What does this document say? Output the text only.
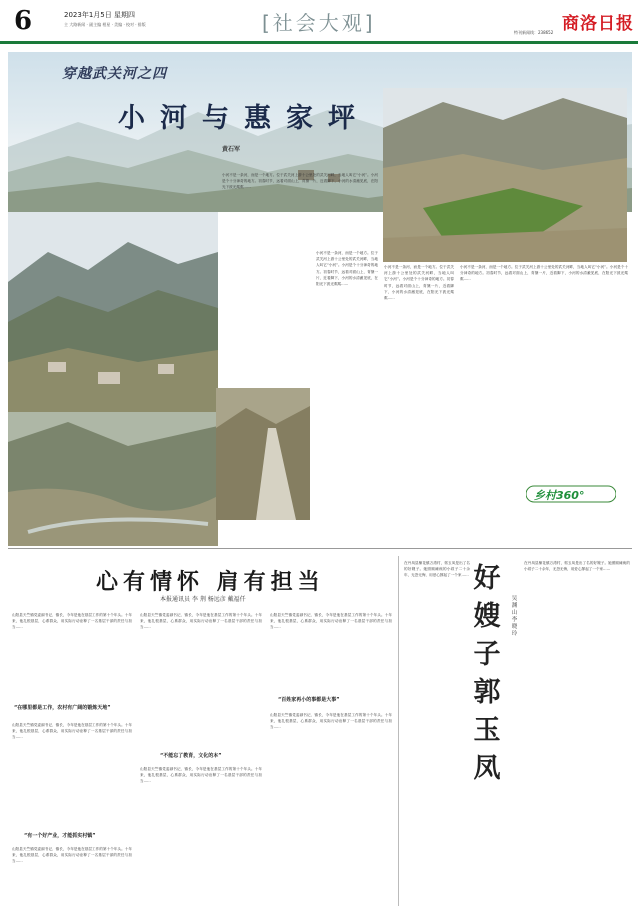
6	2023年1月5日 星期四
主 大路新闻 · 副主编 相星 · 美编 · 校对 · 排版	[社会大观]	商洛日报
特刊新闻线：238652
穿越武关河之四
小河与惠家坪
黄石军
小河不是一条河，而是一个地方。位于武关河上游十公里处的武关河畔，当地人叫它“小河”。小河是个十分神奇的地方。初春时节，远看对面山上，青黛一片，近看脚下，小河的水清澈见底，在阳光下波光粼粼……
小河不是一条河，而是一个地方。位于武关河上游十公里处的武关河畔，当地人叫它“小河”。小河是个十分神奇的地方。初春时节，远看对面山上，青黛一片，近看脚下，小河的水清澈见底，在阳光下波光粼粼……
小河不是一条河，而是一个地方。位于武关河上游十公里处的武关河畔，当地人叫它“小河”。小河是个十分神奇的地方。初春时节，远看对面山上，青黛一片，近看脚下，小河的水清澈见底，在阳光下波光粼粼……
小河不是一条河，而是一个地方。位于武关河上游十公里处的武关河畔，当地人叫它“小河”。小河是个十分神奇的地方。初春时节，远看对面山上，青黛一片，近看脚下，小河的水清澈见底，在阳光下波光粼粼……
乡村360°
心有情怀 肩有担当
本报通讯员 李 荆 杨远彦 戴福仟
山阳县天竺镇党委副书记、镇长，今年是他在基层工作的第十个年头。十年来，他扎根基层，心系群众，用实际行动诠释了一名基层干部的责任与担当……
“在哪里都是工作，农村有广阔的锻炼天地”
山阳县天竺镇党委副书记、镇长，今年是他在基层工作的第十个年头。十年来，他扎根基层，心系群众，用实际行动诠释了一名基层干部的责任与担当……
“有一个好产业，才能抓实村镇”
山阳县天竺镇党委副书记、镇长，今年是他在基层工作的第十个年头。十年来，他扎根基层，心系群众，用实际行动诠释了一名基层干部的责任与担当……
山阳县天竺镇党委副书记、镇长，今年是他在基层工作的第十个年头。十年来，他扎根基层，心系群众，用实际行动诠释了一名基层干部的责任与担当……
“不能忘了教育，文化的本”
山阳县天竺镇党委副书记、镇长，今年是他在基层工作的第十个年头。十年来，他扎根基层，心系群众，用实际行动诠释了一名基层干部的责任与担当……
山阳县天竺镇党委副书记、镇长，今年是他在基层工作的第十个年头。十年来，他扎根基层，心系群众，用实际行动诠释了一名基层干部的责任与担当……
“百姓家再小的事都是大事”
山阳县天竺镇党委副书记、镇长，今年是他在基层工作的第十个年头。十年来，他扎根基层，心系群众，用实际行动诠释了一名基层干部的责任与担当……
在丹凤县棣花镇万湾村，郭玉凤是出了名的好嫂子。她照顾瘫痪的小叔子二十余年，无怨无悔，用爱心撑起了一个家…… 好嫂子郭玉凤
吴渊山 李晓玲
在丹凤县棣花镇万湾村，郭玉凤是出了名的好嫂子。她照顾瘫痪的小叔子二十余年，无怨无悔，用爱心撑起了一个家……
